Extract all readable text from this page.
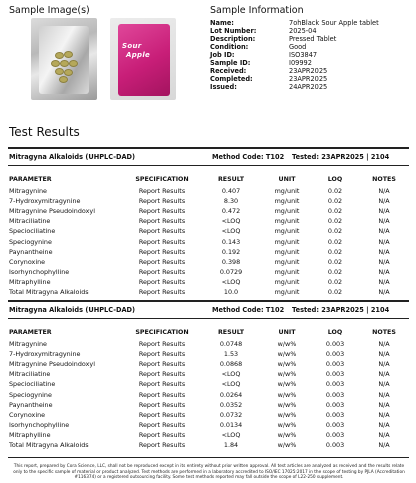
Sample Image(s)
Sour
Apple
Sample Information
Name:	7ohBlack Sour Apple tablet
Lot Number:	2025-04
Description:	Pressed Tablet
Condition:	Good
Job ID:	ISO3847
Sample ID:	I09992
Received:	23APR2025
Completed:	23APR2025
Issued:	24APR2025
Test Results
Mitragyna Alkaloids (UHPLC-DAD)	Method Code: T102 Tested: 23APR2025 | 2104
PARAMETER	SPECIFICATION	RESULT	UNIT	LOQ	NOTES
Mitragynine	Report Results	0.407	mg/unit	0.02	N/A
7-Hydroxymitragynine	Report Results	8.30	mg/unit	0.02	N/A
Mitragynine Pseudoindoxyl	Report Results	0.472	mg/unit	0.02	N/A
Mitraciliatine	Report Results	<LOQ	mg/unit	0.02	N/A
Speciociliatine	Report Results	<LOQ	mg/unit	0.02	N/A
Speciogynine	Report Results	0.143	mg/unit	0.02	N/A
Paynantheine	Report Results	0.192	mg/unit	0.02	N/A
Corynoxine	Report Results	0.398	mg/unit	0.02	N/A
Isorhynchophylline	Report Results	0.0729	mg/unit	0.02	N/A
Mitraphylline	Report Results	<LOQ	mg/unit	0.02	N/A
Total Mitragyna Alkaloids	Report Results	10.0	mg/unit	0.02	N/A
Mitragyna Alkaloids (UHPLC-DAD)	Method Code: T102 Tested: 23APR2025 | 2104
PARAMETER	SPECIFICATION	RESULT	UNIT	LOQ	NOTES
Mitragynine	Report Results	0.0748	w/w%	0.003	N/A
7-Hydroxymitragynine	Report Results	1.53	w/w%	0.003	N/A
Mitragynine Pseudoindoxyl	Report Results	0.0868	w/w%	0.003	N/A
Mitraciliatine	Report Results	<LOQ	w/w%	0.003	N/A
Speciociliatine	Report Results	<LOQ	w/w%	0.003	N/A
Speciogynine	Report Results	0.0264	w/w%	0.003	N/A
Paynantheine	Report Results	0.0352	w/w%	0.003	N/A
Corynoxine	Report Results	0.0732	w/w%	0.003	N/A
Isorhynchophylline	Report Results	0.0134	w/w%	0.003	N/A
Mitraphylline	Report Results	<LOQ	w/w%	0.003	N/A
Total Mitragyna Alkaloids	Report Results	1.84	w/w%	0.003	N/A
This report, prepared by Cora Science, LLC, shall not be reproduced except in its entirety without prior written approval. All test articles are analyzed as received and the results relate only to the specific sample of material or product analyzed. Test methods are performed in a laboratory accredited to ISO/IEC 17025:2017 in the scope of testing by PJLA (Accreditation #116374) or a registered outsourcing facility. Some test methods reported may fall outside the scope of L22-250 supplement.
